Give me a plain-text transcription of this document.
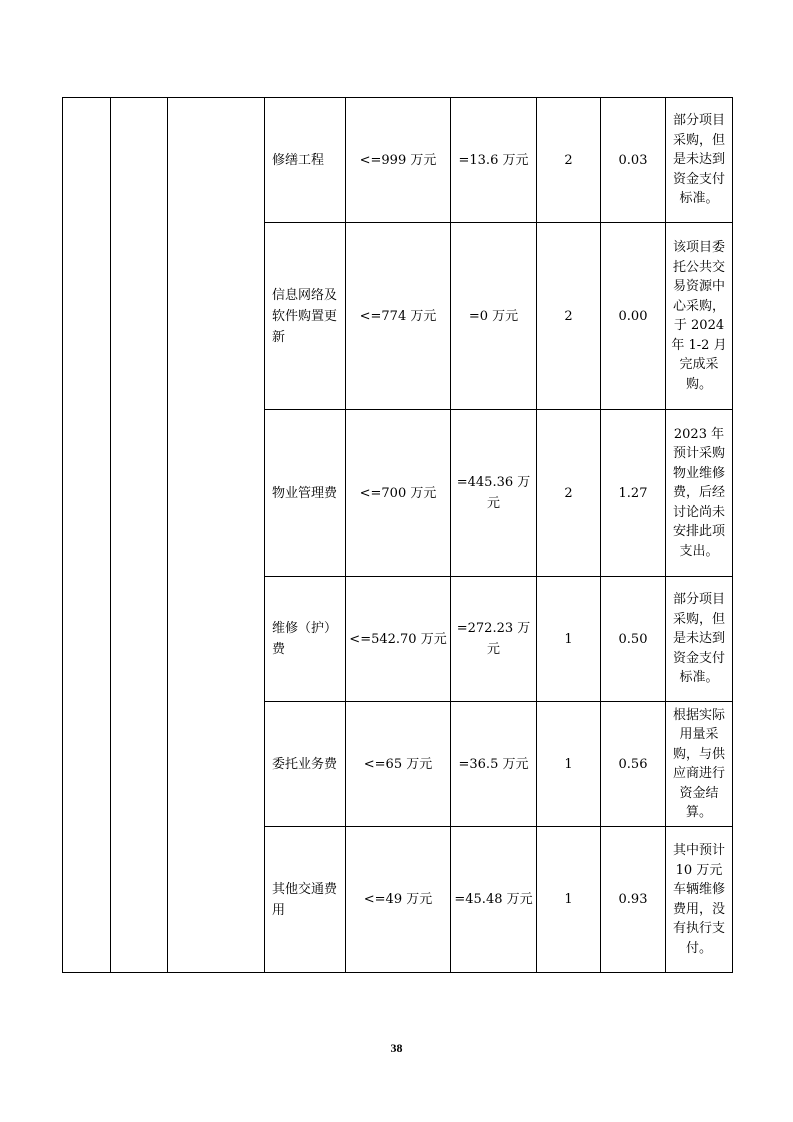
			修缮工程	<=999 万元	=13.6 万元	2	0.03	部分项目采购，但是未达到资金支付标准。
			信息网络及软件购置更新	<=774 万元	=0 万元	2	0.00	该项目委托公共交易资源中心采购，于 2024 年 1-2 月完成采购。
			物业管理费	<=700 万元	=445.36 万元	2	1.27	2023 年预计采购物业维修费，后经讨论尚未安排此项支出。
			维修（护）费	<=542.70 万元	=272.23 万元	1	0.50	部分项目采购，但是未达到资金支付标准。
			委托业务费	<=65 万元	=36.5 万元	1	0.56	根据实际用量采购，与供应商进行资金结算。
			其他交通费用	<=49 万元	=45.48 万元	1	0.93	其中预计 10 万元车辆维修费用，没有执行支付。
38
